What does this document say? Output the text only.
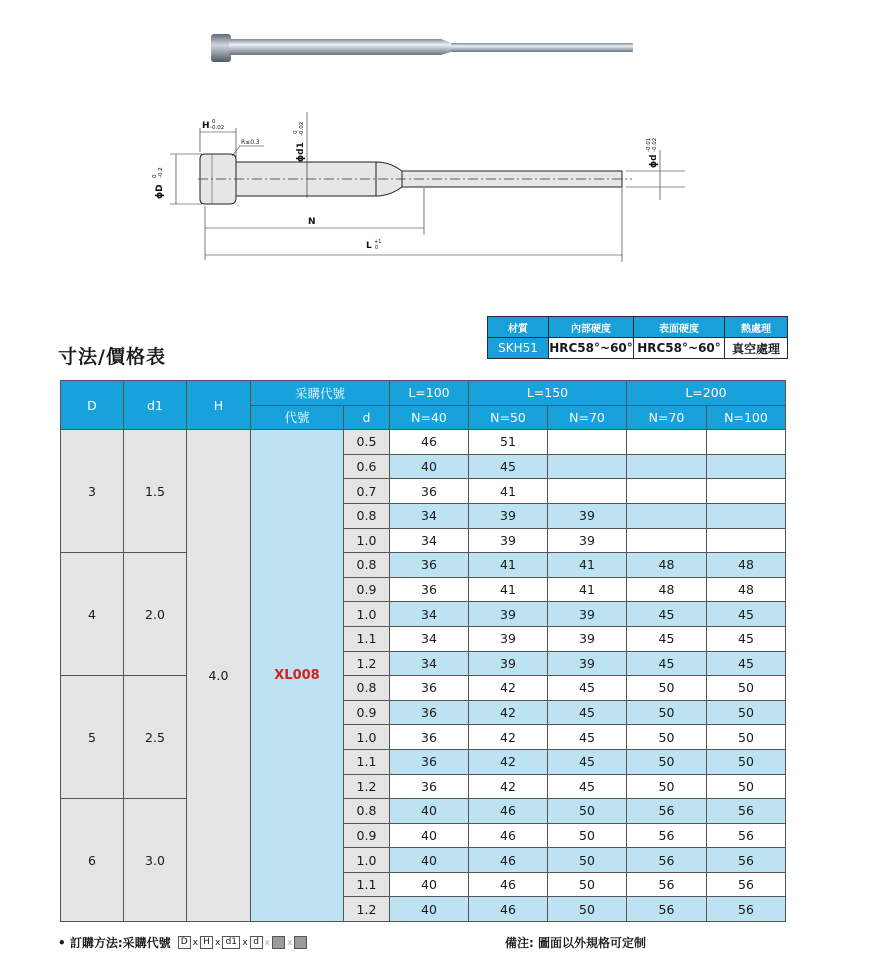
H 0
-0.02
R≤0.3	ϕd1
0 -0.02
ϕD
0 -0.2
ϕd
-0.01 -0.02
N
L +1
0
寸法/價格表
材質	內部硬度	表面硬度	熱處理
SKH51	HRC58°~60°	HRC58°~60°	真空處理
D	d1	H	采購代號		L=100	L=150		L=200	
			代號	d	N=40	N=50	N=70	N=70	N=100
3	1.5	4.0	XL008	0.5	46	51			
				0.6	40	45			
				0.7	36	41			
				0.8	34	39	39		
				1.0	34	39	39		
4	2.0			0.8	36	41	41	48	48
				0.9	36	41	41	48	48
				1.0	34	39	39	45	45
				1.1	34	39	39	45	45
				1.2	34	39	39	45	45
5	2.5			0.8	36	42	45	50	50
				0.9	36	42	45	50	50
				1.0	36	42	45	50	50
				1.1	36	42	45	50	50
				1.2	36	42	45	50	50
6	3.0			0.8	40	46	50	56	56
				0.9	40	46	50	56	56
				1.0	40	46	50	56	56
				1.1	40	46	50	56	56
				1.2	40	46	50	56	56
• 訂購方法:采購代號	D x H x d1 x d x x	備注: 圖面以外規格可定制
